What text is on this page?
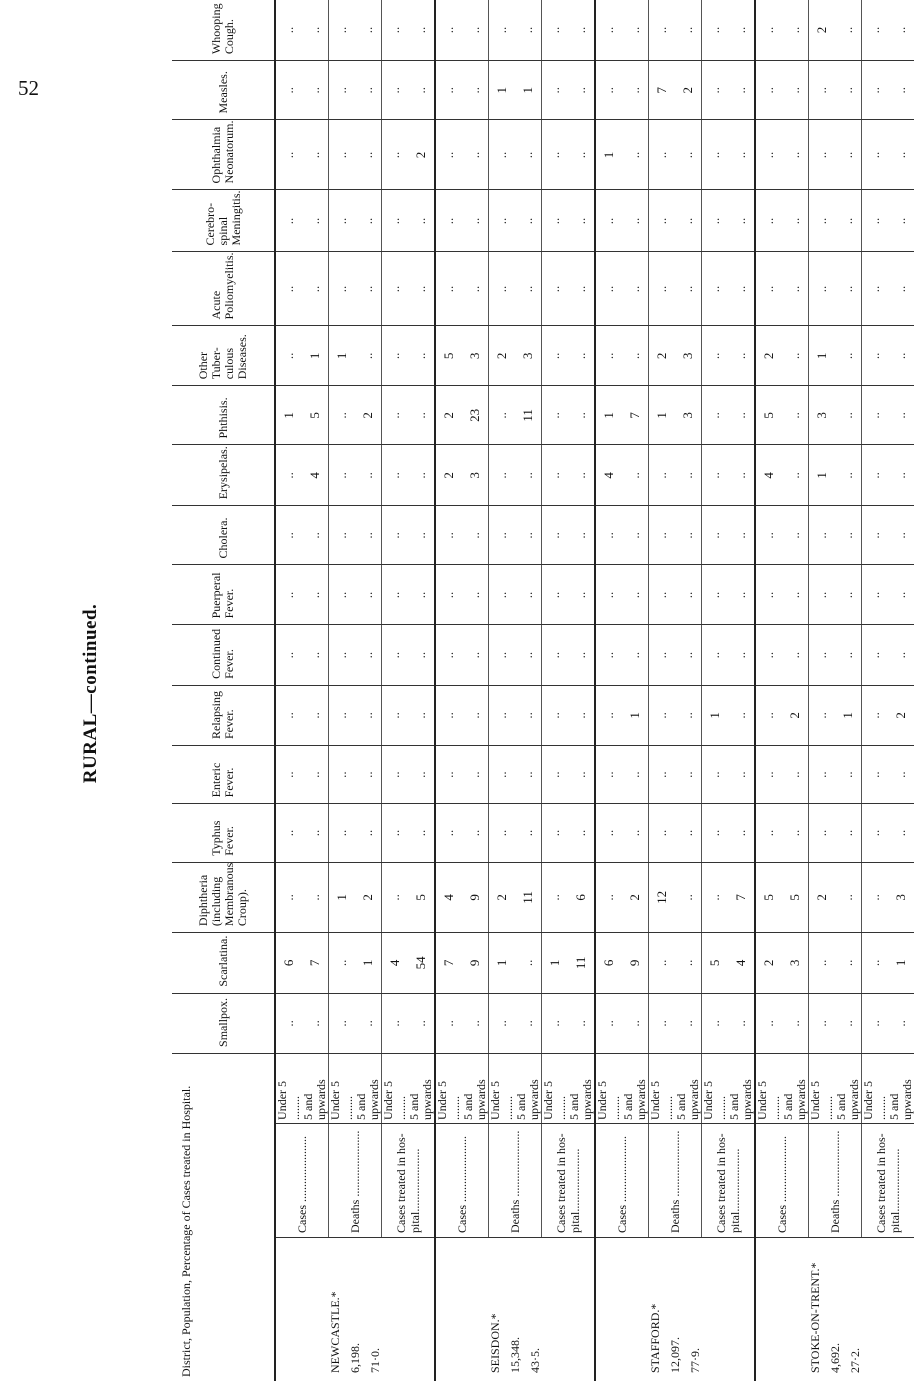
52
RURAL—continued.
District, Population, Percentage of Cases treated in Hospital.			Smallpox.	Scarlatina.	Diphtheria (including Membranous Croup).	Typhus Fever.	Enteric Fever.	Relapsing Fever.	Continued Fever.	Puerperal Fever.	Cholera.	Erysipelas.	Phthisis.	Other Tuber-culous Diseases.	Acute Poliomyelitis.	Cerebro-spinal Meningitis.	Ophthalmia Neonatorum.	Measles.	Whooping Cough.

NEWCASTLE.* 6,198. 71·0.	Cases ......................	Under 5 ........	..	6	..	..	..	..	..	..	..	..	1	..	..	..	..	..	..
		5 and upwards	..	7	..	..	..	..	..	..	..	4	5	1	..	..	..	..	..
	Deaths ......................	Under 5 ........	..	..	1	..	..	..	..	..	..	..	..	1	..	..	..	..	..
		5 and upwards	..	1	2	..	..	..	..	..	..	..	2	..	..	..	..	..	..
	Cases treated in hos-pital.....................	Under 5 ........	..	4	..	..	..	..	..	..	..	..	..	..	..	..	..	..	..
		5 and upwards	..	54	5	..	..	..	..	..	..	..	..	..	..	..	2	..	..

SEISDON.* 15,348. 43·5.	Cases ......................	Under 5 ........	..	7	4	..	..	..	..	..	..	2	2	5	..	..	..	..	..
		5 and upwards	..	9	9	..	..	..	..	..	..	3	23	3	..	..	..	..	..
	Deaths ......................	Under 5 ........	..	1	2	..	..	..	..	..	..	..	..	2	..	..	..	1	..
		5 and upwards	..	..	11	..	..	..	..	..	..	..	11	3	..	..	..	1	..
	Cases treated in hos-pital.....................	Under 5 ........	..	1	..	..	..	..	..	..	..	..	..	..	..	..	..	..	..
		5 and upwards	..	11	6	..	..	..	..	..	..	..	..	..	..	..	..	..	..

STAFFORD.* 12,097. 77·9.	Cases ......................	Under 5 ........	..	6	..	..	..	..	..	..	..	4	1	..	..	..	1	..	..
		5 and upwards	..	9	2	..	..	1	..	..	..	..	7	..	..	..	..	..	..
	Deaths ......................	Under 5 ........	..	..	12	..	..	..	..	..	..	..	1	2	..	..	..	7	..
		5 and upwards	..	..	..	..	..	..	..	..	..	..	3	3	..	..	..	2	..
	Cases treated in hos-pital.....................	Under 5 ........	..	5	..	..	..	1	..	..	..	..	..	..	..	..	..	..	..
		5 and upwards	..	4	7	..	..	..	..	..	..	..	..	..	..	..	..	..	..

STOKE-ON-TRENT.* 4,692. 27·2.	Cases ......................	Under 5 ........	..	2	5	..	..	..	..	..	..	4	5	2	..	..	..	..	..
		5 and upwards	..	3	5	..	..	2	..	..	..	..	..	..	..	..	..	..	..
	Deaths ......................	Under 5 ........	..	..	2	..	..	..	..	..	..	1	3	1	..	..	..	..	2
		5 and upwards	..	..	..	..	..	1	..	..	..	..	..	..	..	..	..	..	..
	Cases treated in hos-pital.....................	Under 5 ........	..	..	..	..	..	..	..	..	..	..	..	..	..	..	..	..	..
		5 and upwards	..	1	3	..	..	2	..	..	..	..	..	..	..	..	..	..	..
